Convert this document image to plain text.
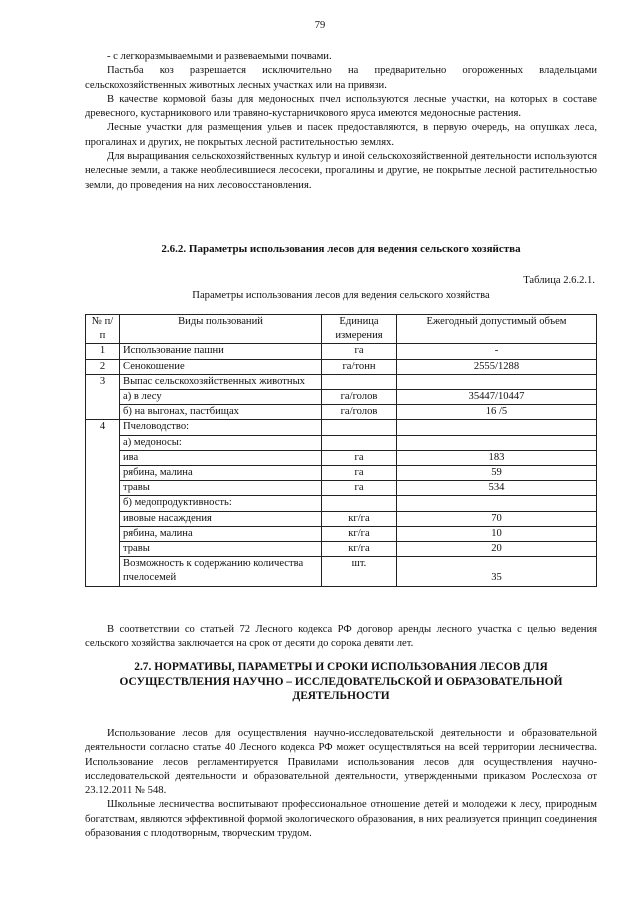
79

- с легкоразмываемыми и развеваемыми почвами.

Пастьба коз разрешается исключительно на предварительно огороженных владельцами сельскохозяйственных животных лесных участках или на привязи.

В качестве кормовой базы для медоносных пчел используются лесные участки, на которых в составе древесного, кустарникового или травяно-кустарничкового яруса имеются медоносные растения.

Лесные участки для размещения ульев и пасек предоставляются, в первую очередь, на опушках леса, прогалинах и других, не покрытых лесной растительностью землях.

Для выращивания сельскохозяйственных культур и иной сельскохозяйственной деятельности используются нелесные земли, а также необлесившиеся лесосеки, прогалины и другие, не покрытые лесной растительностью земли, до проведения на них лесовосстановления.

2.6.2. Параметры использования лесов для ведения сельского хозяйства
Таблица 2.6.2.1.
Параметры использования лесов для ведения сельского хозяйства
№ п/п	Виды пользований	Единица измерения	Ежегодный допустимый объем
1	Использование пашни	га	-
2	Сенокошение	га/тонн	2555/1288
3	Выпас сельскохозяйственных животных		
	а) в лесу	га/голов	35447/10447
	б) на выгонах, пастбищах	га/голов	16 /5
4	Пчеловодство:		
	а) медоносы:		
	ива	га	183
	рябина, малина	га	59
	травы	га	534
	б) медопродуктивность:		
	ивовые насаждения	кг/га	70
	рябина, малина	кг/га	10
	травы	кг/га	20
	Возможность к содержанию количества пчелосемей	шт.	35

В соответствии со статьей 72 Лесного кодекса РФ договор аренды лесного участка с целью ведения сельского хозяйства заключается на срок от десяти до сорока девяти лет.

2.7. НОРМАТИВЫ, ПАРАМЕТРЫ И СРОКИ ИСПОЛЬЗОВАНИЯ ЛЕСОВ ДЛЯ
ОСУЩЕСТВЛЕНИЯ НАУЧНО – ИССЛЕДОВАТЕЛЬСКОЙ И ОБРАЗОВАТЕЛЬНОЙ
ДЕЯТЕЛЬНОСТИ

Использование лесов для осуществления научно-исследовательской деятельности и образовательной деятельности согласно статье 40 Лесного кодекса РФ может осуществляться на всей территории лесничества. Использование лесов регламентируется Правилами использования лесов для осуществления научно-исследовательской деятельности и образовательной деятельности, утвержденными приказом Рослесхоза от 23.12.2011 № 548.

Школьные лесничества воспитывают профессиональное отношение детей и молодежи к лесу, природным богатствам, являются эффективной формой экологического образования, в них реализуется принцип соединения образования с плодотворным, творческим трудом.
